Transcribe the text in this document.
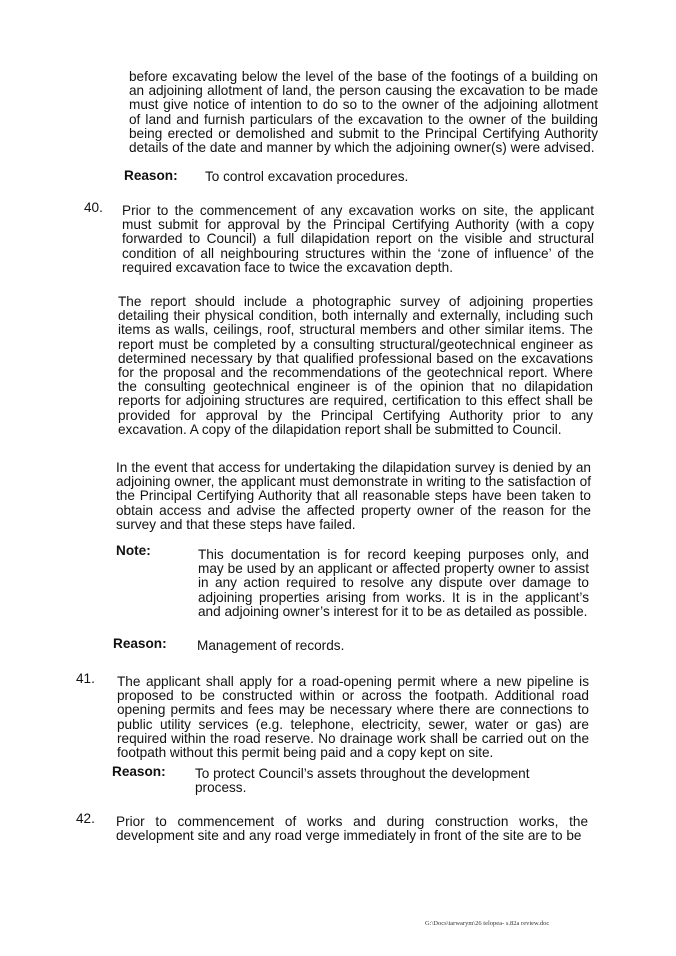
before excavating below the level of the base of the footings of a building on an adjoining allotment of land, the person causing the excavation to be made must give notice of intention to do so to the owner of the adjoining allotment of land and furnish particulars of the excavation to the owner of the building being erected or demolished and submit to the Principal Certifying Authority details of the date and manner by which the adjoining owner(s) were advised.

Reason: To control excavation procedures.
40. Prior to the commencement of any excavation works on site, the applicant must submit for approval by the Principal Certifying Authority (with a copy forwarded to Council) a full dilapidation report on the visible and structural condition of all neighbouring structures within the ‘zone of influence’ of the required excavation face to twice the excavation depth.

The report should include a photographic survey of adjoining properties detailing their physical condition, both internally and externally, including such items as walls, ceilings, roof, structural members and other similar items. The report must be completed by a consulting structural/geotechnical engineer as determined necessary by that qualified professional based on the excavations for the proposal and the recommendations of the geotechnical report. Where the consulting geotechnical engineer is of the opinion that no dilapidation reports for adjoining structures are required, certification to this effect shall be provided for approval by the Principal Certifying Authority prior to any excavation. A copy of the dilapidation report shall be submitted to Council.

In the event that access for undertaking the dilapidation survey is denied by an adjoining owner, the applicant must demonstrate in writing to the satisfaction of the Principal Certifying Authority that all reasonable steps have been taken to obtain access and advise the affected property owner of the reason for the survey and that these steps have failed.

Note:	This documentation is for record keeping purposes only, and may be used by an applicant or affected property owner to assist in any action required to resolve any dispute over damage to adjoining properties arising from works. It is in the applicant’s and adjoining owner’s interest for it to be as detailed as possible.

Reason: Management of records.
41. The applicant shall apply for a road-opening permit where a new pipeline is proposed to be constructed within or across the footpath. Additional road opening permits and fees may be necessary where there are connections to public utility services (e.g. telephone, electricity, sewer, water or gas) are required within the road reserve. No drainage work shall be carried out on the footpath without this permit being paid and a copy kept on site.

Reason: To protect Council’s assets throughout the development process.
42. Prior to commencement of works and during construction works, the development site and any road verge immediately in front of the site are to be

G:\Docs\tarwarym\26 telopea- s.82a review.doc
